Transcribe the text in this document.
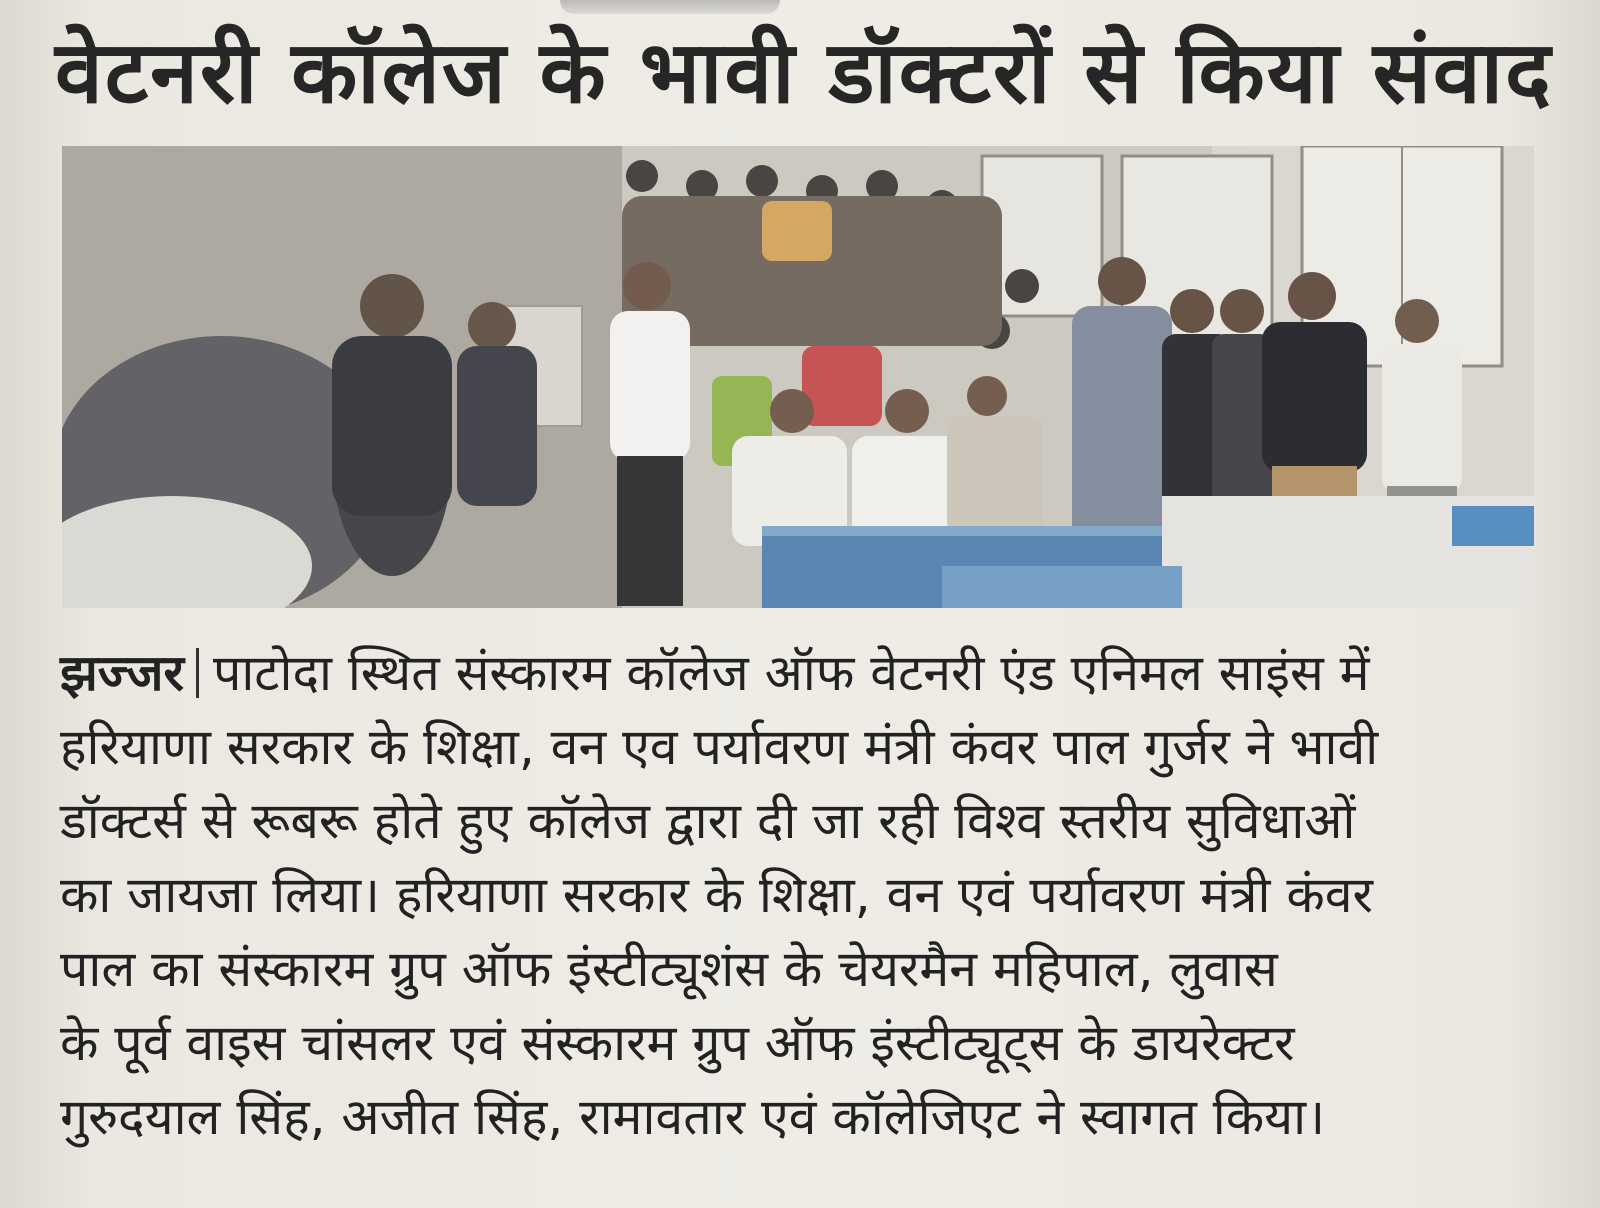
वेटनरी कॉलेज के भावी डॉक्टरों से किया संवाद
झज्जर पाटोदा स्थित संस्कारम कॉलेज ऑफ वेटनरी एंड एनिमल साइंस में
हरियाणा सरकार के शिक्षा, वन एव पर्यावरण मंत्री कंवर पाल गुर्जर ने भावी
डॉक्टर्स से रूबरू होते हुए कॉलेज द्वारा दी जा रही विश्व स्तरीय सुविधाओं
का जायजा लिया। हरियाणा सरकार के शिक्षा, वन एवं पर्यावरण मंत्री कंवर
पाल का संस्कारम ग्रुप ऑफ इंस्टीट्यूशंस के चेयरमैन महिपाल, लुवास
के पूर्व वाइस चांसलर एवं संस्कारम ग्रुप ऑफ इंस्टीट्यूट्स के डायरेक्टर
गुरुदयाल सिंह, अजीत सिंह, रामावतार एवं कॉलेजिएट ने स्वागत किया।
